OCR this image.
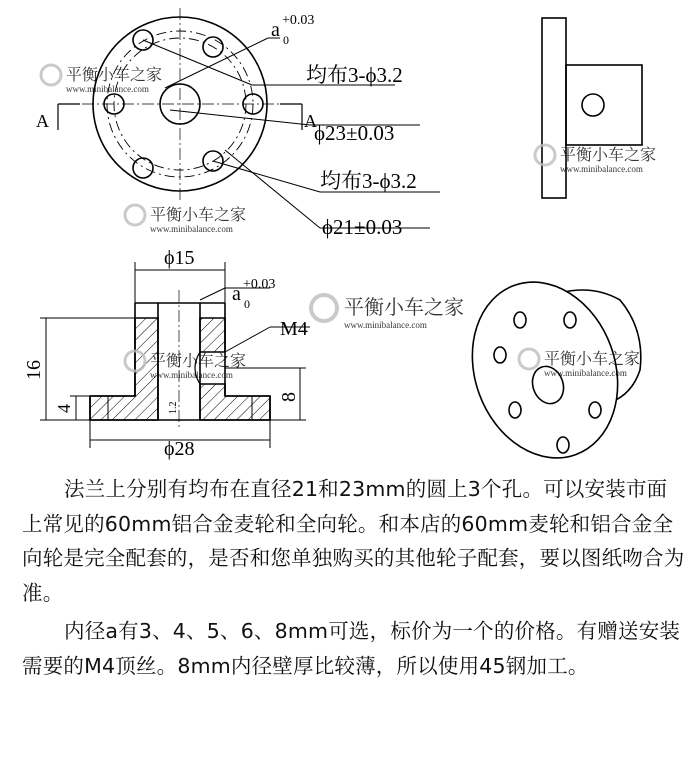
A	A
a 0
+0.03
均布3-ϕ3.2
ϕ23±0.03
均布3-ϕ3.2
ϕ21±0.03
ϕ15
a 0
+0.03
M4
16
4
8
1.2
ϕ28
平衡小车之家
www.minibalance.com
平衡小车之家
www.minibalance.com
平衡小车之家
www.minibalance.com
平衡小车之家
www.minibalance.com
平衡小车之家
www.minibalance.com
平衡小车之家
www.minibalance.com

法兰上分别有均布在直径21和23mm的圆上3个孔。可以安装市面上常见的60mm铝合金麦轮和全向轮。和本店的60mm麦轮和铝合金全向轮是完全配套的，是否和您单独购买的其他轮子配套，要以图纸吻合为准。

内径a有3、4、5、6、8mm可选，标价为一个的价格。有赠送安装需要的M4顶丝。8mm内径壁厚比较薄，所以使用45钢加工。
